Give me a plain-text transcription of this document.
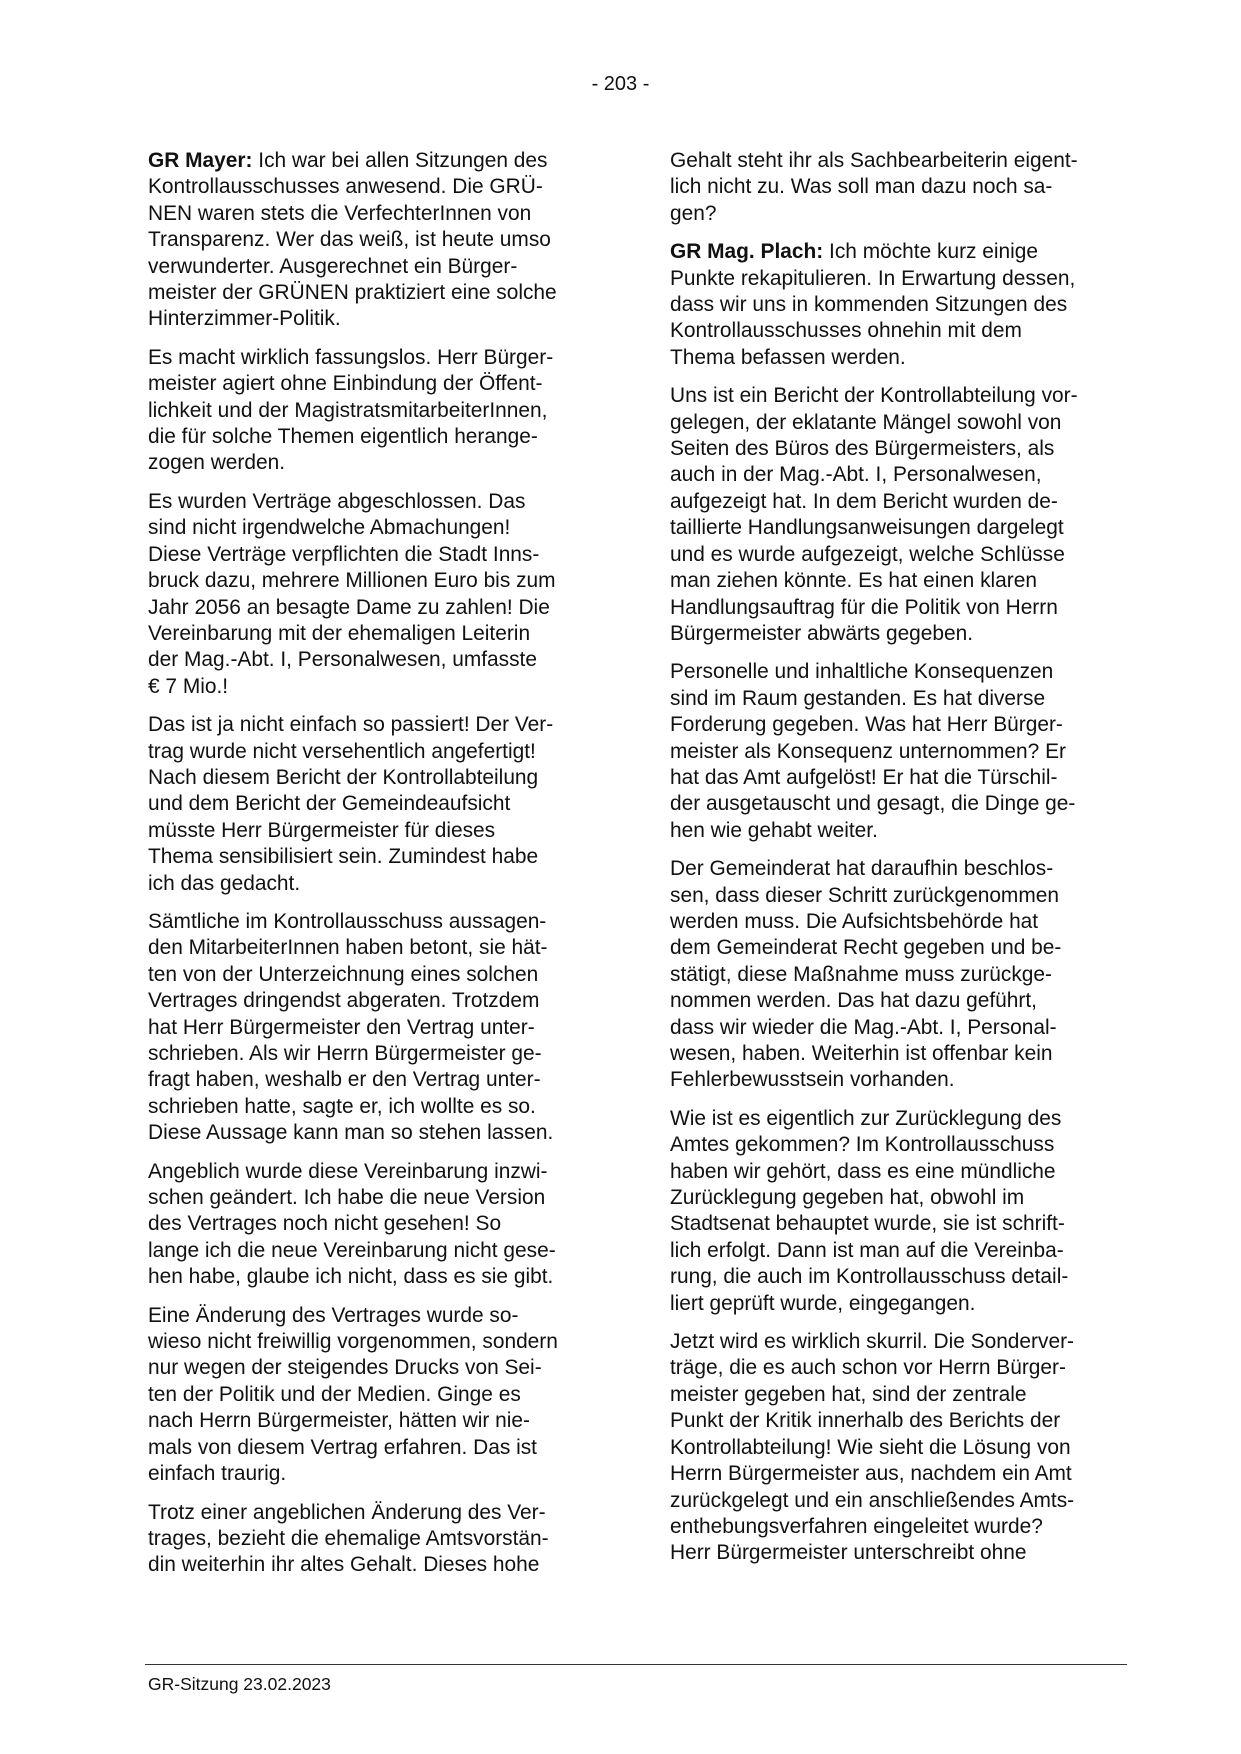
- 203 -
GR Mayer: Ich war bei allen Sitzungen des
Kontrollausschusses anwesend. Die GRÜ-
NEN waren stets die VerfechterInnen von
Transparenz. Wer das weiß, ist heute umso
verwunderter. Ausgerechnet ein Bürger-
meister der GRÜNEN praktiziert eine solche
Hinterzimmer-Politik.
Es macht wirklich fassungslos. Herr Bürger-
meister agiert ohne Einbindung der Öffent-
lichkeit und der MagistratsmitarbeiterInnen,
die für solche Themen eigentlich herange-
zogen werden.
Es wurden Verträge abgeschlossen. Das
sind nicht irgendwelche Abmachungen!
Diese Verträge verpflichten die Stadt Inns-
bruck dazu, mehrere Millionen Euro bis zum
Jahr 2056 an besagte Dame zu zahlen! Die
Vereinbarung mit der ehemaligen Leiterin
der Mag.-Abt. I, Personalwesen, umfasste
€ 7 Mio.!
Das ist ja nicht einfach so passiert! Der Ver-
trag wurde nicht versehentlich angefertigt!
Nach diesem Bericht der Kontrollabteilung
und dem Bericht der Gemeindeaufsicht
müsste Herr Bürgermeister für dieses
Thema sensibilisiert sein. Zumindest habe
ich das gedacht.
Sämtliche im Kontrollausschuss aussagen-
den MitarbeiterInnen haben betont, sie hät-
ten von der Unterzeichnung eines solchen
Vertrages dringendst abgeraten. Trotzdem
hat Herr Bürgermeister den Vertrag unter-
schrieben. Als wir Herrn Bürgermeister ge-
fragt haben, weshalb er den Vertrag unter-
schrieben hatte, sagte er, ich wollte es so.
Diese Aussage kann man so stehen lassen.
Angeblich wurde diese Vereinbarung inzwi-
schen geändert. Ich habe die neue Version
des Vertrages noch nicht gesehen! So
lange ich die neue Vereinbarung nicht gese-
hen habe, glaube ich nicht, dass es sie gibt.
Eine Änderung des Vertrages wurde so-
wieso nicht freiwillig vorgenommen, sondern
nur wegen der steigendes Drucks von Sei-
ten der Politik und der Medien. Ginge es
nach Herrn Bürgermeister, hätten wir nie-
mals von diesem Vertrag erfahren. Das ist
einfach traurig.
Trotz einer angeblichen Änderung des Ver-
trages, bezieht die ehemalige Amtsvorstän-
din weiterhin ihr altes Gehalt. Dieses hohe
Gehalt steht ihr als Sachbearbeiterin eigent-
lich nicht zu. Was soll man dazu noch sa-
gen?
GR Mag. Plach: Ich möchte kurz einige
Punkte rekapitulieren. In Erwartung dessen,
dass wir uns in kommenden Sitzungen des
Kontrollausschusses ohnehin mit dem
Thema befassen werden.
Uns ist ein Bericht der Kontrollabteilung vor-
gelegen, der eklatante Mängel sowohl von
Seiten des Büros des Bürgermeisters, als
auch in der Mag.-Abt. I, Personalwesen,
aufgezeigt hat. In dem Bericht wurden de-
taillierte Handlungsanweisungen dargelegt
und es wurde aufgezeigt, welche Schlüsse
man ziehen könnte. Es hat einen klaren
Handlungsauftrag für die Politik von Herrn
Bürgermeister abwärts gegeben.
Personelle und inhaltliche Konsequenzen
sind im Raum gestanden. Es hat diverse
Forderung gegeben. Was hat Herr Bürger-
meister als Konsequenz unternommen? Er
hat das Amt aufgelöst! Er hat die Türschil-
der ausgetauscht und gesagt, die Dinge ge-
hen wie gehabt weiter.
Der Gemeinderat hat daraufhin beschlos-
sen, dass dieser Schritt zurückgenommen
werden muss. Die Aufsichtsbehörde hat
dem Gemeinderat Recht gegeben und be-
stätigt, diese Maßnahme muss zurückge-
nommen werden. Das hat dazu geführt,
dass wir wieder die Mag.-Abt. I, Personal-
wesen, haben. Weiterhin ist offenbar kein
Fehlerbewusstsein vorhanden.
Wie ist es eigentlich zur Zurücklegung des
Amtes gekommen? Im Kontrollausschuss
haben wir gehört, dass es eine mündliche
Zurücklegung gegeben hat, obwohl im
Stadtsenat behauptet wurde, sie ist schrift-
lich erfolgt. Dann ist man auf die Vereinba-
rung, die auch im Kontrollausschuss detail-
liert geprüft wurde, eingegangen.
Jetzt wird es wirklich skurril. Die Sonderver-
träge, die es auch schon vor Herrn Bürger-
meister gegeben hat, sind der zentrale
Punkt der Kritik innerhalb des Berichts der
Kontrollabteilung! Wie sieht die Lösung von
Herrn Bürgermeister aus, nachdem ein Amt
zurückgelegt und ein anschließendes Amts-
enthebungsverfahren eingeleitet wurde?
Herr Bürgermeister unterschreibt ohne
GR-Sitzung 23.02.2023
